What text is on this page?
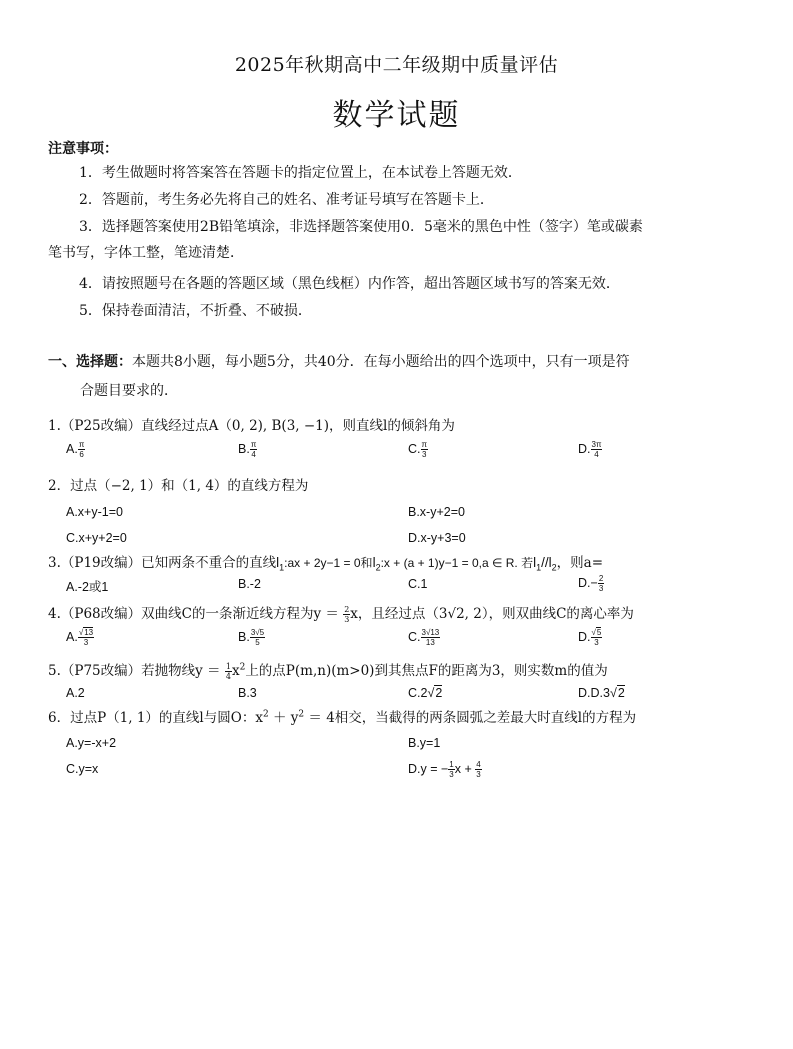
2025年秋期高中二年级期中质量评估
数学试题
注意事项：
1．考生做题时将答案答在答题卡的指定位置上，在本试卷上答题无效．
2．答题前，考生务必先将自己的姓名、准考证号填写在答题卡上．
3．选择题答案使用2B铅笔填涂，非选择题答案使用0．5毫米的黑色中性（签字）笔或碳素
笔书写，字体工整，笔迹清楚．
4．请按照题号在各题的答题区域（黑色线框）内作答，超出答题区域书写的答案无效．
5．保持卷面清洁，不折叠、不破损．
一、选择题：本题共8小题，每小题5分，共40分．在每小题给出的四个选项中，只有一项是符
合题目要求的．
1.（P25改编）直线经过点A（0, 2), B(3, −1)，则直线l的倾斜角为
A. $\frac{\pi}{6}$	B. $\frac{\pi}{4}$	C. $\frac{\pi}{3}$	D. $\frac{3\pi}{4}$
2．过点（−2, 1）和（1, 4）的直线方程为
A.x+y-1=0	B.x-y+2=0
C.x+y+2=0	D.x-y+3=0
3.（P19改编）已知两条不重合的直线$l_1:ax + 2y-1 = 0$和$l_2:x + (a + 1)y-1 = 0,a$ ∈ R. 若$l_1//l_2$，则a=
A.-2或1	B.-2	C.1	$D.- \frac{2}{3}$
4.（P68改编）双曲线C的一条渐近线方程为$y = \frac{2}{3}$ x，且经过点（3√2, 2），则双曲线C的离心率为
A. $\frac{√13}{3}$	B. $\frac{3√5}{5}$	C. $\frac{3√13}{13}$	D. $\frac{√5}{3}$
5.（P75改编）若抛物线$y = \frac{1}{4} x^2$上的点P(m,n)(m>0)到其焦点F的距离为3，则实数m的值为
A.2	B.3	C.2√2	D.D.3√2
6．过点P（1, 1）的直线l与圆O：$x^2 + y^2 = 4$相交，当截得的两条圆弧之差最大时直线l的方程为
A.y=-x+2	B.y=1
C.y=x	D.y = − $\frac{1}{3}$ $x + \frac{4}{3}$
